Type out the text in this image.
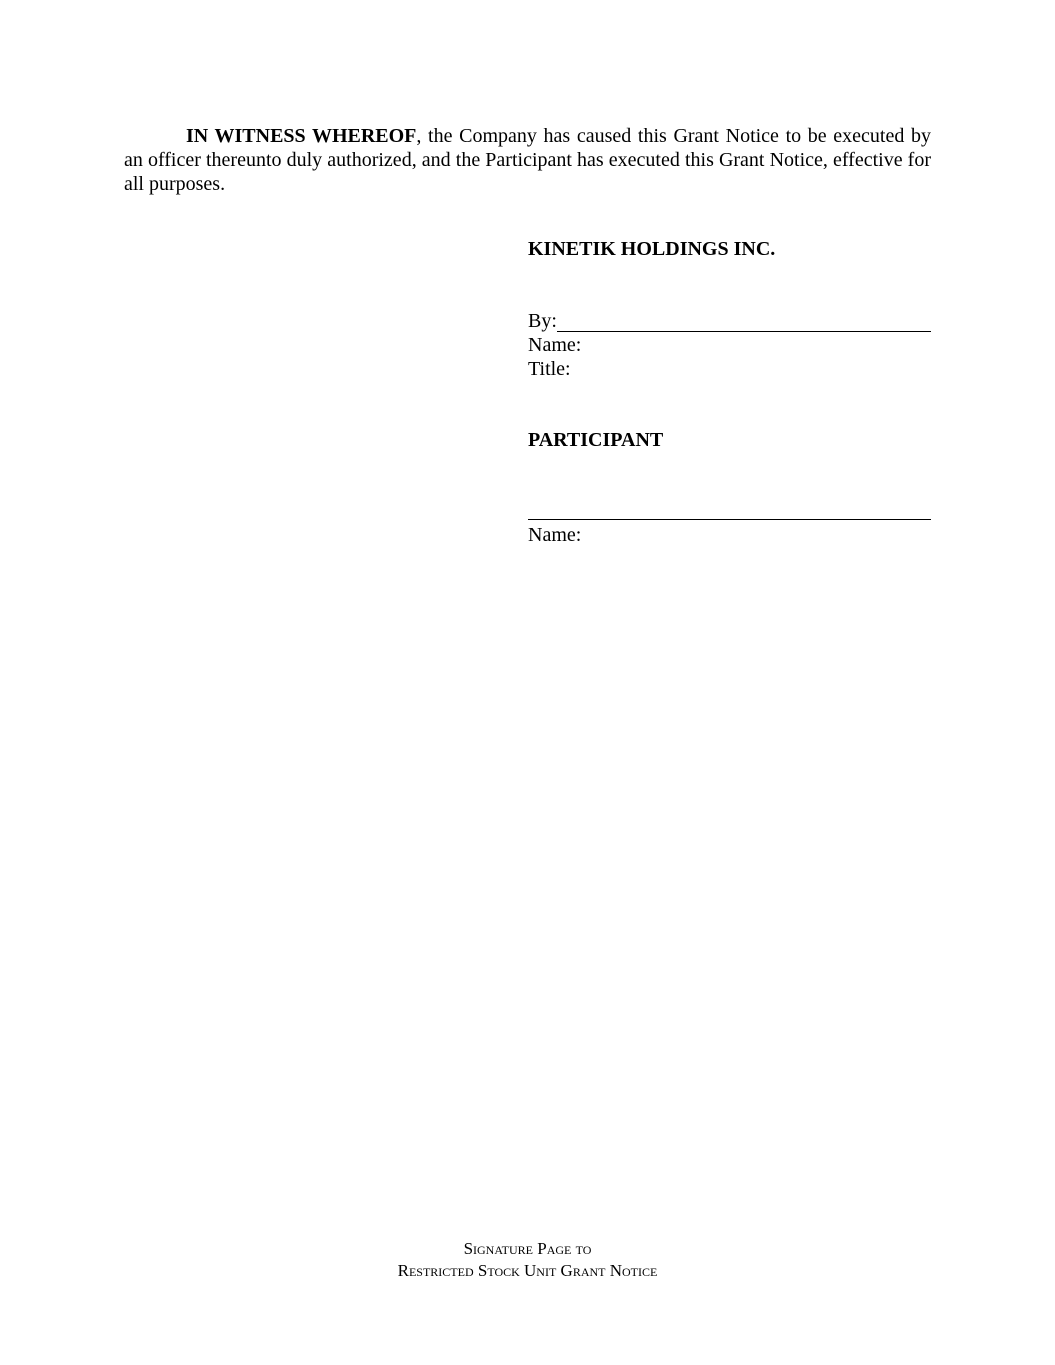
IN WITNESS WHEREOF, the Company has caused this Grant Notice to be executed by an officer thereunto duly authorized, and the Participant has executed this Grant Notice, effective for all purposes.

KINETIK HOLDINGS INC.
By:
Name:
Title:
PARTICIPANT
Name:
Signature Page to
Restricted Stock Unit Grant Notice
